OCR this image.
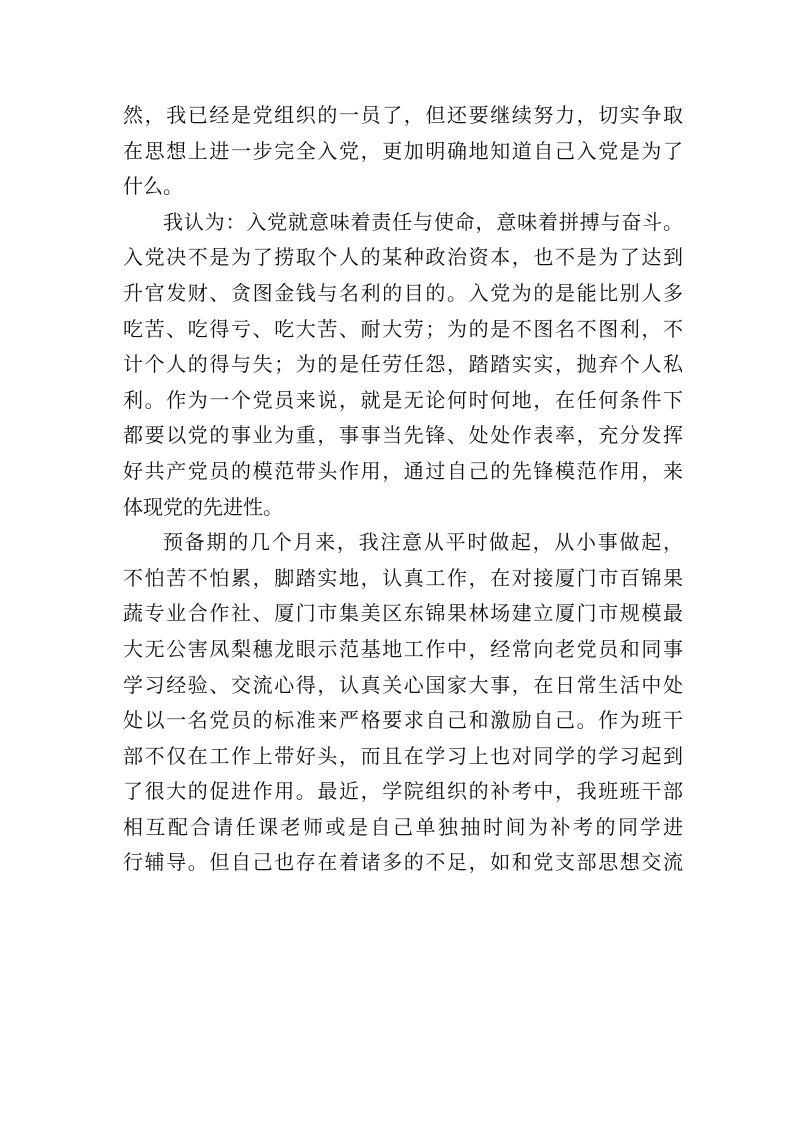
然，我已经是党组织的一员了，但还要继续努力，切实争取
在思想上进一步完全入党，更加明确地知道自己入党是为了
什么。
我认为：入党就意味着责任与使命，意味着拼搏与奋斗。
入党决不是为了捞取个人的某种政治资本，也不是为了达到
升官发财、贪图金钱与名利的目的。入党为的是能比别人多
吃苦、吃得亏、吃大苦、耐大劳；为的是不图名不图利，不
计个人的得与失；为的是任劳任怨，踏踏实实，抛弃个人私
利。作为一个党员来说，就是无论何时何地，在任何条件下
都要以党的事业为重，事事当先锋、处处作表率，充分发挥
好共产党员的模范带头作用，通过自己的先锋模范作用，来
体现党的先进性。
预备期的几个月来，我注意从平时做起，从小事做起，
不怕苦不怕累，脚踏实地，认真工作，在对接厦门市百锦果
蔬专业合作社、厦门市集美区东锦果林场建立厦门市规模最
大无公害凤梨穗龙眼示范基地工作中，经常向老党员和同事
学习经验、交流心得，认真关心国家大事，在日常生活中处
处以一名党员的标准来严格要求自己和激励自己。作为班干
部不仅在工作上带好头，而且在学习上也对同学的学习起到
了很大的促进作用。最近，学院组织的补考中，我班班干部
相互配合请任课老师或是自己单独抽时间为补考的同学进
行辅导。但自己也存在着诸多的不足，如和党支部思想交流
